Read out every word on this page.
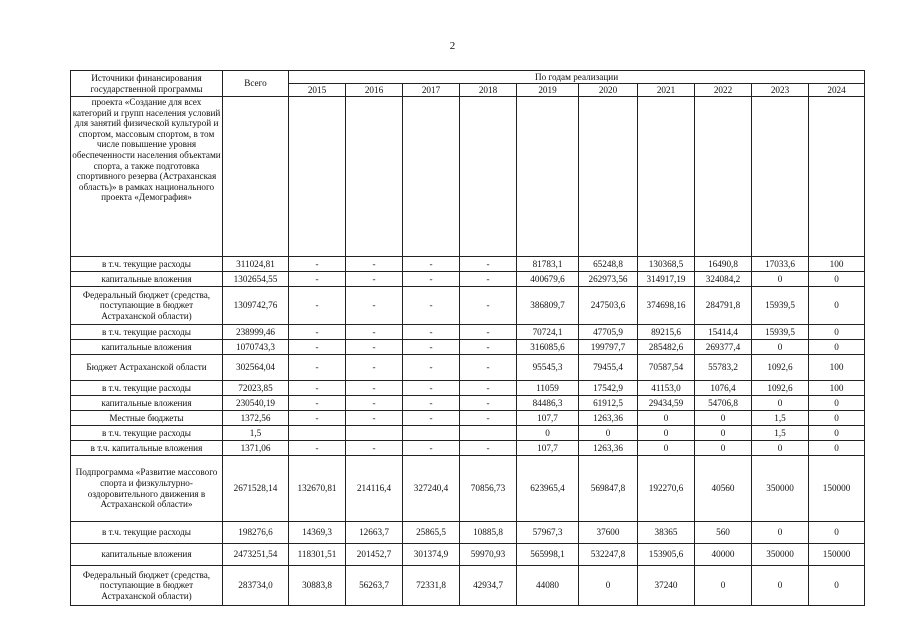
2
Источники финансирования государственной программы	Всего	По годам реализации									
		2015	2016	2017	2018	2019	2020	2021	2022	2023	2024
проекта «Создание для всех категорий и групп населения условий для занятий физической культурой и спортом, массовым спортом, в том числе повышение уровня обеспеченности населения объектами спорта, а также подготовка спортивного резерва (Астраханская область)» в рамках национального проекта «Демография»											
в т.ч. текущие расходы	311024,81	-	-	-	-	81783,1	65248,8	130368,5	16490,8	17033,6	100
капитальные вложения	1302654,55	-	-	-	-	400679,6	262973,56	314917,19	324084,2	0	0
Федеральный бюджет (средства, поступающие в бюджет Астраханской области)	1309742,76	-	-	-	-	386809,7	247503,6	374698,16	284791,8	15939,5	0
в т.ч. текущие расходы	238999,46	-	-	-	-	70724,1	47705,9	89215,6	15414,4	15939,5	0
капитальные вложения	1070743,3	-	-	-	-	316085,6	199797,7	285482,6	269377,4	0	0
Бюджет Астраханской области	302564,04	-	-	-	-	95545,3	79455,4	70587,54	55783,2	1092,6	100
в т.ч. текущие расходы	72023,85	-	-	-	-	11059	17542,9	41153,0	1076,4	1092,6	100
капитальные вложения	230540,19	-	-	-	-	84486,3	61912,5	29434,59	54706,8	0	0
Местные бюджеты	1372,56	-	-	-	-	107,7	1263,36	0	0	1,5	0
в т.ч. текущие расходы	1,5					0	0	0	0	1,5	0
в т.ч. капитальные вложения	1371,06	-	-	-	-	107,7	1263,36	0	0	0	0
Подпрограмма «Развитие массового спорта и физкультурно-оздоровительного движения в Астраханской области»	2671528,14	132670,81	214116,4	327240,4	70856,73	623965,4	569847,8	192270,6	40560	350000	150000
в т.ч. текущие расходы	198276,6	14369,3	12663,7	25865,5	10885,8	57967,3	37600	38365	560	0	0
капитальные вложения	2473251,54	118301,51	201452,7	301374,9	59970,93	565998,1	532247,8	153905,6	40000	350000	150000
Федеральный бюджет (средства, поступающие в бюджет Астраханской области)	283734,0	30883,8	56263,7	72331,8	42934,7	44080	0	37240	0	0	0
